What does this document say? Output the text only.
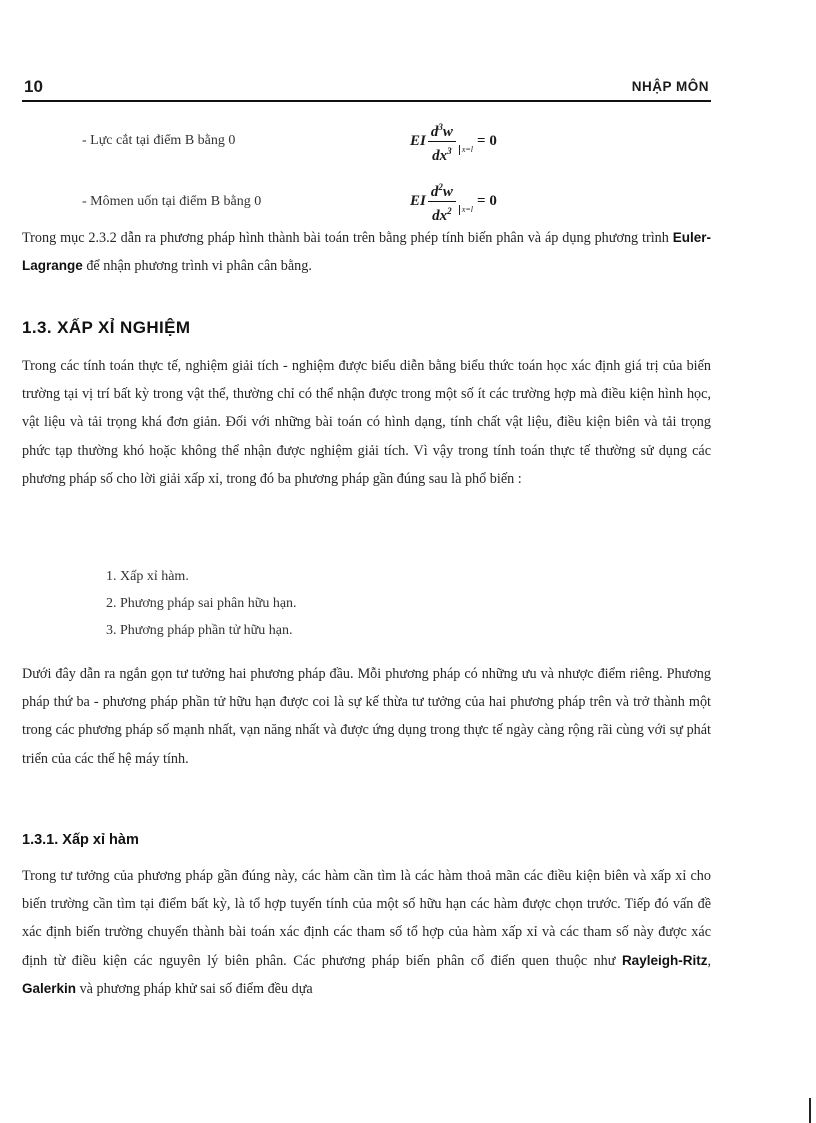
10	NHẬP MÔN
- Lực cắt tại điểm B bằng 0	EI $\frac{d^3w}{dx^3} x=l = 0$
- Mômen uốn tại điểm B bằng 0	EI $\frac{d^2w}{dx^2} x=l = 0$

Trong mục 2.3.2 dẫn ra phương pháp hình thành bài toán trên bằng phép tính biến phân và áp dụng phương trình Euler-Lagrange để nhận phương trình vi phân cân bằng.

1.3. XẤP XỈ NGHIỆM

Trong các tính toán thực tế, nghiệm giải tích - nghiệm được biểu diễn bằng biểu thức toán học xác định giá trị của biến trường tại vị trí bất kỳ trong vật thể, thường chỉ có thể nhận được trong một số ít các trường hợp mà điều kiện hình học, vật liệu và tải trọng khá đơn giản. Đối với những bài toán có hình dạng, tính chất vật liệu, điều kiện biên và tải trọng phức tạp thường khó hoặc không thể nhận được nghiệm giải tích. Vì vậy trong tính toán thực tế thường sử dụng các phương pháp số cho lời giải xấp xỉ, trong đó ba phương pháp gần đúng sau là phổ biến :

1. Xấp xỉ hàm.
2. Phương pháp sai phân hữu hạn.
3. Phương pháp phần tử hữu hạn.

Dưới đây dẫn ra ngắn gọn tư tưởng hai phương pháp đầu. Mỗi phương pháp có những ưu và nhược điểm riêng. Phương pháp thứ ba - phương pháp phần tử hữu hạn được coi là sự kế thừa tư tưởng của hai phương pháp trên và trở thành một trong các phương pháp số mạnh nhất, vạn năng nhất và được ứng dụng trong thực tế ngày càng rộng rãi cùng với sự phát triển của các thế hệ máy tính.

1.3.1. Xấp xỉ hàm

Trong tư tưởng của phương pháp gần đúng này, các hàm cần tìm là các hàm thoả mãn các điều kiện biên và xấp xỉ cho biến trường cần tìm tại điểm bất kỳ, là tổ hợp tuyến tính của một số hữu hạn các hàm được chọn trước. Tiếp đó vấn đề xác định biến trường chuyển thành bài toán xác định các tham số tổ hợp của hàm xấp xỉ và các tham số này được xác định từ điều kiện các nguyên lý biên phân. Các phương pháp biến phân cổ điển quen thuộc như Rayleigh-Ritz, Galerkin và phương pháp khử sai số điểm đều dựa
